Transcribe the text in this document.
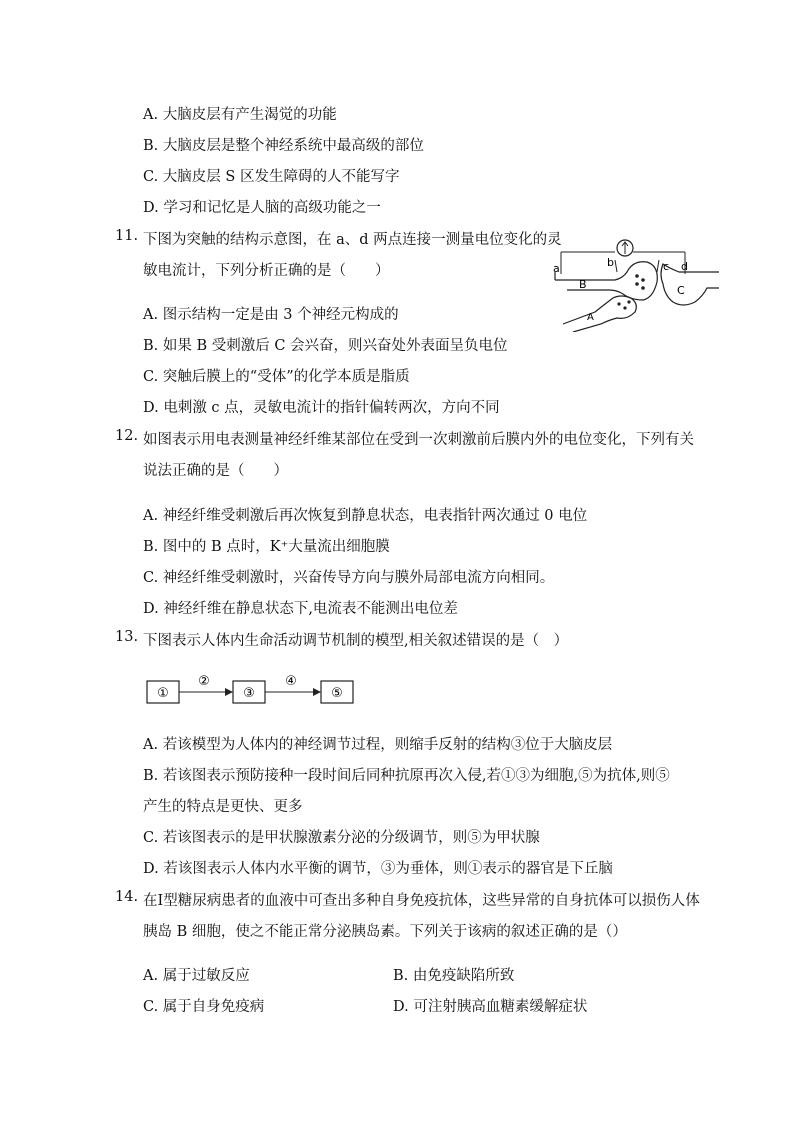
A. 大脑皮层有产生渴觉的功能
B. 大脑皮层是整个神经系统中最高级的部位
C. 大脑皮层 S 区发生障碍的人不能写字
D. 学习和记忆是人脑的高级功能之一
11. 下图为突触的结构示意图，在 a、d 两点连接一测量电位变化的灵
敏电流计，下列分析正确的是（　　）	a	b	c d
B	C
A
A. 图示结构一定是由 3 个神经元构成的
B. 如果 B 受刺激后 C 会兴奋，则兴奋处外表面呈负电位
C. 突触后膜上的“受体”的化学本质是脂质
D. 电刺激 c 点，灵敏电流计的指针偏转两次，方向不同
12. 如图表示用电表测量神经纤维某部位在受到一次刺激前后膜内外的电位变化，下列有关
说法正确的是（　　）
A. 神经纤维受刺激后再次恢复到静息状态，电表指针两次通过 0 电位
B. 图中的 B 点时，K⁺大量流出细胞膜
C. 神经纤维受刺激时，兴奋传导方向与膜外局部电流方向相同。
D. 神经纤维在静息状态下,电流表不能测出电位差
13. 下图表示人体内生命活动调节机制的模型,相关叙述错误的是（　）
①
②
③
④
⑤
A. 若该模型为人体内的神经调节过程，则缩手反射的结构③位于大脑皮层
B. 若该图表示预防接种一段时间后同种抗原再次入侵,若①③为细胞,⑤为抗体,则⑤
产生的特点是更快、更多
C. 若该图表示的是甲状腺激素分泌的分级调节，则⑤为甲状腺
D. 若该图表示人体内水平衡的调节，③为垂体，则①表示的器官是下丘脑
14. 在Ⅰ型糖尿病患者的血液中可查出多种自身免疫抗体，这些异常的自身抗体可以损伤人体
胰岛 B 细胞，使之不能正常分泌胰岛素。下列关于该病的叙述正确的是（）
A. 属于过敏反应	B. 由免疫缺陷所致
C. 属于自身免疫病	D. 可注射胰高血糖素缓解症状
